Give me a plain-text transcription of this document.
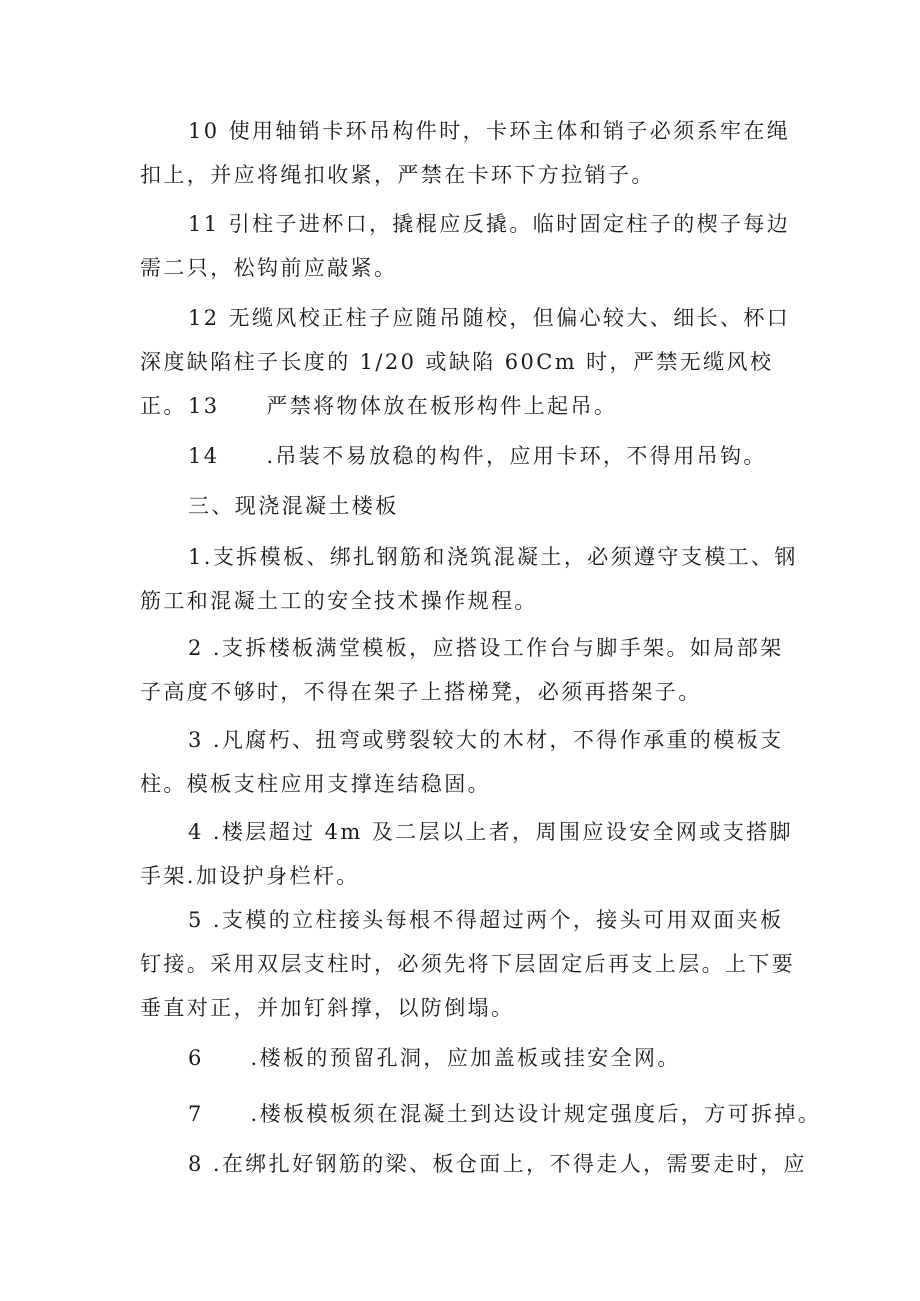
10 使用轴销卡环吊构件时，卡环主体和销子必须系牢在绳扣上，并应将绳扣收紧，严禁在卡环下方拉销子。

11 引柱子进杯口，撬棍应反撬。临时固定柱子的楔子每边需二只，松钩前应敲紧。

12 无缆风校正柱子应随吊随校，但偏心较大、细长、杯口深度缺陷柱子长度的 1/20 或缺陷 60Cm 时，严禁无缆风校正。 13　　严禁将物体放在板形构件上起吊。

14　　.吊装不易放稳的构件，应用卡环，不得用吊钩。

三、现浇混凝土楼板

1.支拆模板、绑扎钢筋和浇筑混凝土，必须遵守支模工、钢筋工和混凝土工的安全技术操作规程。

2 .支拆楼板满堂模板，应搭设工作台与脚手架。如局部架子高度不够时，不得在架子上搭梯凳，必须再搭架子。

3 .凡腐朽、扭弯或劈裂较大的木材，不得作承重的模板支柱。模板支柱应用支撑连结稳固。

4 .楼层超过 4m 及二层以上者，周围应设安全网或支搭脚手架.加设护身栏杆。

5 .支模的立柱接头每根不得超过两个，接头可用双面夹板钉接。采用双层支柱时，必须先将下层固定后再支上层。上下要垂直对正，并加钉斜撑，以防倒塌。

6　　.楼板的预留孔洞，应加盖板或挂安全网。

7　　.楼板模板须在混凝土到达设计规定强度后，方可拆掉。

8 .在绑扎好钢筋的梁、板仓面上，不得走人，需要走时，应
